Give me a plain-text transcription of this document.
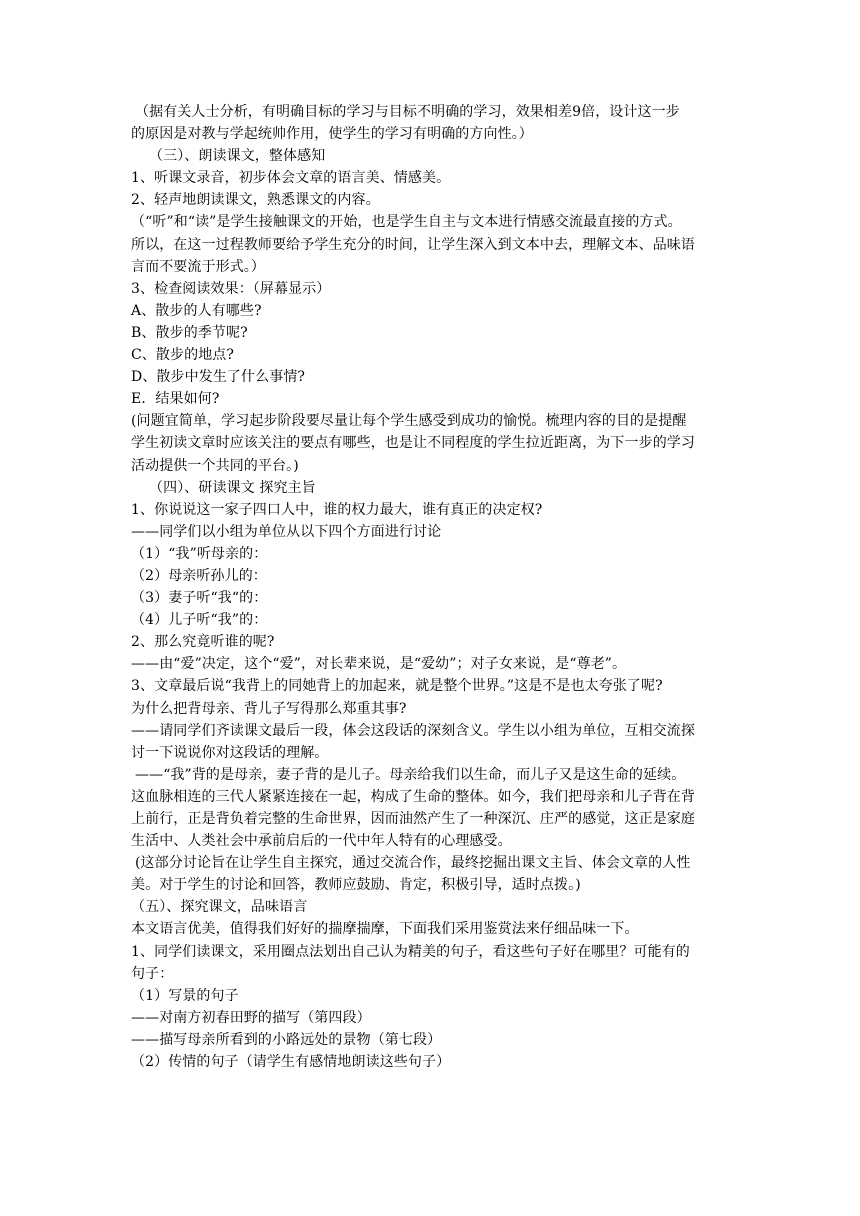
（据有关人士分析，有明确目标的学习与目标不明确的学习，效果相差9倍，设计这一步

的原因是对教与学起统帅作用，使学生的学习有明确的方向性。）

（三）、朗读课文，整体感知

1、听课文录音，初步体会文章的语言美、情感美。

2、轻声地朗读课文，熟悉课文的内容。

（“听”和“读”是学生接触课文的开始，也是学生自主与文本进行情感交流最直接的方式。

所以，在这一过程教师要给予学生充分的时间，让学生深入到文本中去，理解文本、品味语

言而不要流于形式。）

3、检查阅读效果：（屏幕显示）

A、散步的人有哪些?

B、散步的季节呢?

C、散步的地点?

D、散步中发生了什么事情?

E．结果如何?

(问题宜简单，学习起步阶段要尽量让每个学生感受到成功的愉悦。梳理内容的目的是提醒

学生初读文章时应该关注的要点有哪些，也是让不同程度的学生拉近距离，为下一步的学习

活动提供一个共同的平台。)

（四）、研读课文 探究主旨

1、你说说这一家子四口人中，谁的权力最大，谁有真正的决定权?

——同学们以小组为单位从以下四个方面进行讨论

（1）“我”听母亲的：

（2）母亲听孙儿的：

（3）妻子听“我“的：

（4）儿子听“我”的：

2、那么究竟听谁的呢?

——由“爱”决定，这个“爱”，对长辈来说，是“爱幼”；对子女来说，是“尊老”。

3、文章最后说“我背上的同她背上的加起来，就是整个世界。”这是不是也太夸张了呢?

为什么把背母亲、背儿子写得那么郑重其事?

——请同学们齐读课文最后一段，体会这段话的深刻含义。学生以小组为单位，互相交流探

讨一下说说你对这段话的理解。

——“我”背的是母亲，妻子背的是儿子。母亲给我们以生命，而儿子又是这生命的延续。

这血脉相连的三代人紧紧连接在一起，构成了生命的整体。如今，我们把母亲和儿子背在背

上前行，正是背负着完整的生命世界，因而油然产生了一种深沉、庄严的感觉，这正是家庭

生活中、人类社会中承前启后的一代中年人特有的心理感受。

(这部分讨论旨在让学生自主探究，通过交流合作，最终挖掘出课文主旨、体会文章的人性

美。对于学生的讨论和回答，教师应鼓励、肯定，积极引导，适时点拨。)

（五）、探究课文，品味语言

本文语言优美，值得我们好好的揣摩揣摩，下面我们采用鉴赏法来仔细品味一下。

1、同学们读课文，采用圈点法划出自己认为精美的句子，看这些句子好在哪里？可能有的

句子：

（1）写景的句子

——对南方初春田野的描写（第四段）

——描写母亲所看到的小路远处的景物（第七段）

（2）传情的句子（请学生有感情地朗读这些句子）
